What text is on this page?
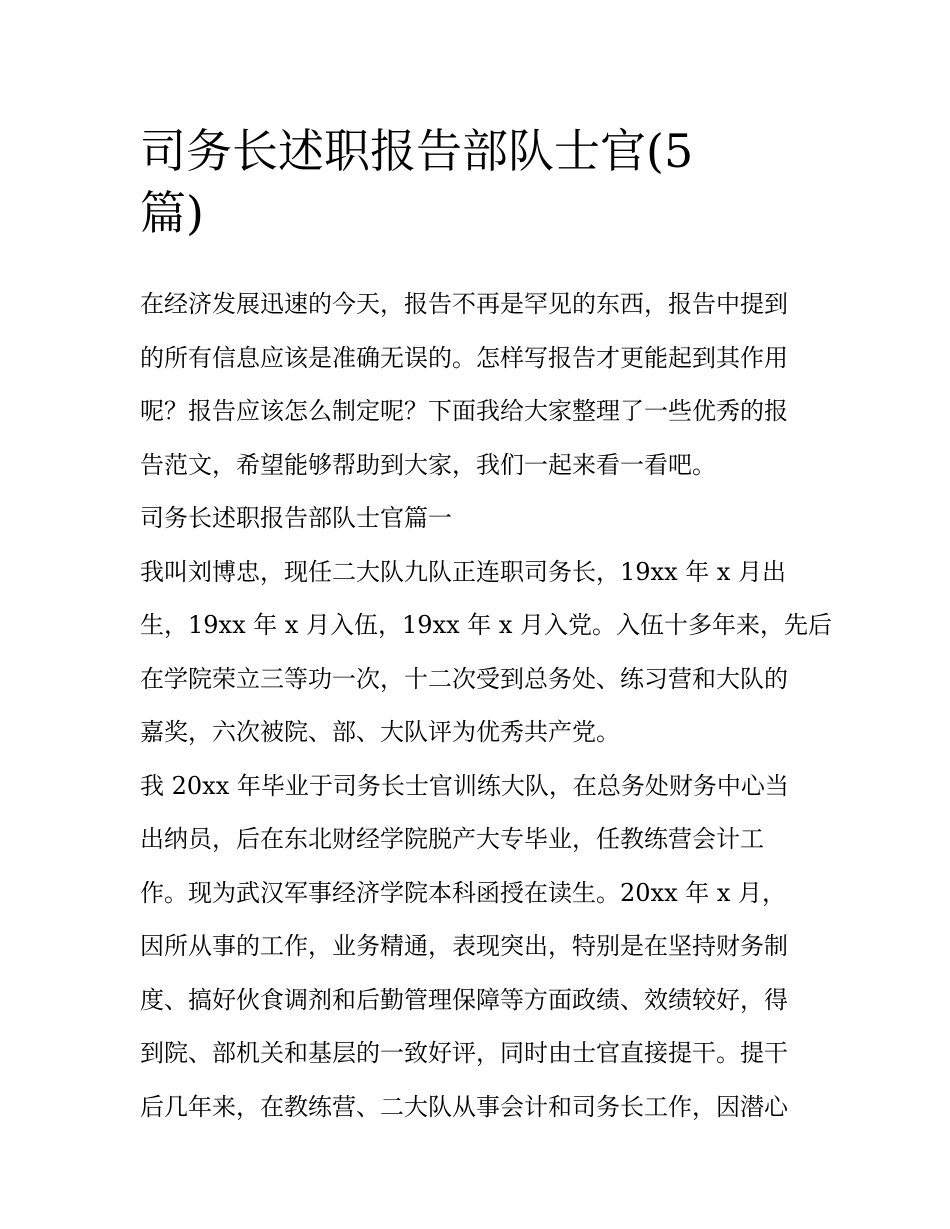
司务长述职报告部队士官(5
篇)

在经济发展迅速的今天，报告不再是罕见的东西，报告中提到
的所有信息应该是准确无误的。怎样写报告才更能起到其作用
呢？报告应该怎么制定呢？下面我给大家整理了一些优秀的报
告范文，希望能够帮助到大家，我们一起来看一看吧。

司务长述职报告部队士官篇一

我叫刘博忠，现任二大队九队正连职司务长，19xx 年 x 月出
生，19xx 年 x 月入伍，19xx 年 x 月入党。入伍十多年来，先后
在学院荣立三等功一次，十二次受到总务处、练习营和大队的
嘉奖，六次被院、部、大队评为优秀共产党。

我 20xx 年毕业于司务长士官训练大队，在总务处财务中心当
出纳员，后在东北财经学院脱产大专毕业，任教练营会计工
作。现为武汉军事经济学院本科函授在读生。20xx 年 x 月，
因所从事的工作，业务精通，表现突出，特别是在坚持财务制
度、搞好伙食调剂和后勤管理保障等方面政绩、效绩较好，得
到院、部机关和基层的一致好评，同时由士官直接提干。提干
后几年来，在教练营、二大队从事会计和司务长工作，因潜心
